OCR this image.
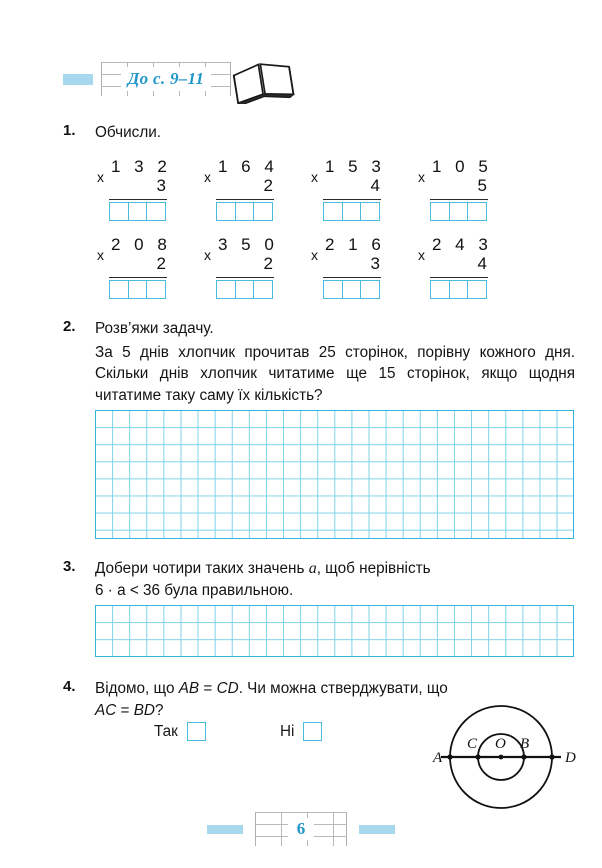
До с. 9–11
1. Обчисли.
х
1 3 2
3	х
1 6 4
2	х
1 5 3
4	х
1 0 5
5
х
2 0 8
2	х
3 5 0
2	х
2 1 6
3	х
2 4 3
4
2. Розв’яжи задачу.
За 5 днів хлопчик прочитав 25 сторінок, порівну кожного дня. Скільки днів хлопчик читатиме ще 15 сторінок, якщо щодня читатиме таку саму їх кількість?
3. Добери чотири таких значень a, щоб нерівність
6 · a < 36 була правильною.
4. Відомо, що AB = CD. Чи можна стверджувати, що
AC = BD?
Так	Ні
A
C O B
D
6
